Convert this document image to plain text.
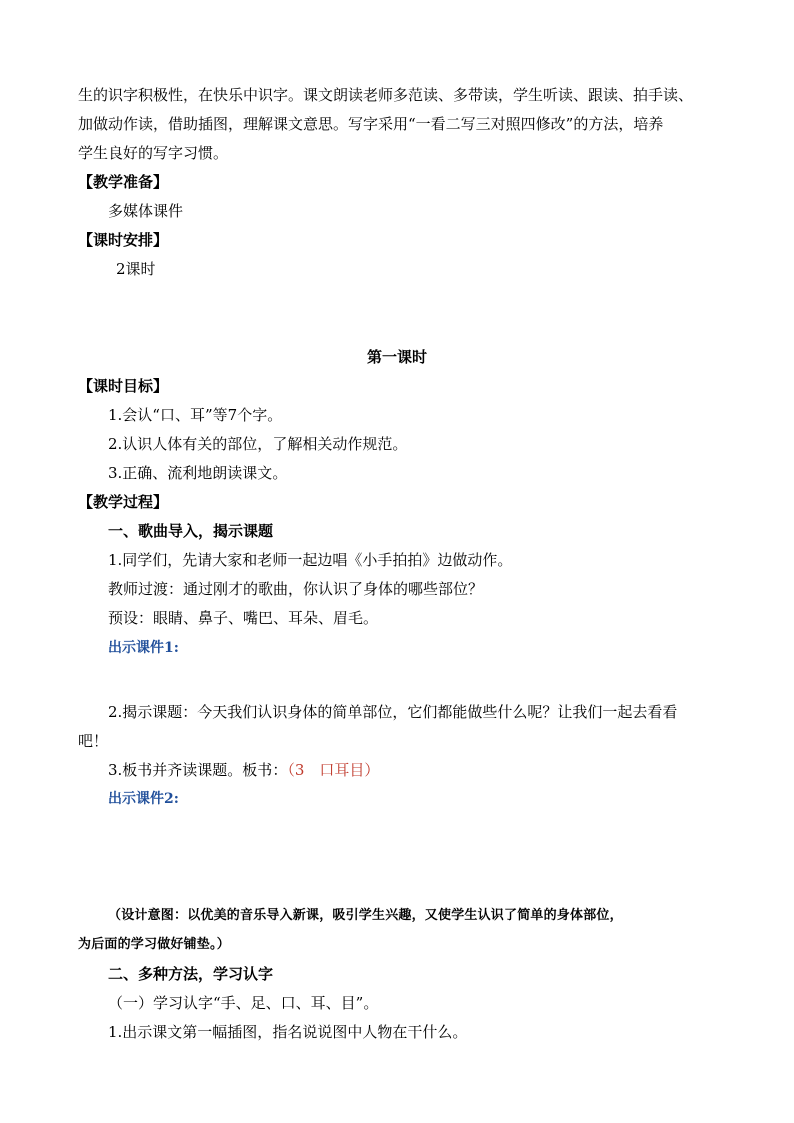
生的识字积极性，在快乐中识字。课文朗读老师多范读、多带读，学生听读、跟读、拍手读、
加做动作读，借助插图，理解课文意思。写字采用“一看二写三对照四修改”的方法，培养
学生良好的写字习惯。
【教学准备】
多媒体课件
【课时安排】
2课时
第一课时
【课时目标】
1.会认“口、耳”等7个字。
2.认识人体有关的部位，了解相关动作规范。
3.正确、流利地朗读课文。
【教学过程】
一、歌曲导入，揭示课题
1.同学们，先请大家和老师一起边唱《小手拍拍》边做动作。
教师过渡：通过刚才的歌曲，你认识了身体的哪些部位？
预设：眼睛、鼻子、嘴巴、耳朵、眉毛。
出示课件1:
2.揭示课题：今天我们认识身体的简单部位，它们都能做些什么呢？让我们一起去看看
吧！
3.板书并齐读课题。板书：（3　口耳目）
出示课件2:
（设计意图：以优美的音乐导入新课，吸引学生兴趣，又使学生认识了简单的身体部位，
为后面的学习做好铺垫。）
二、多种方法，学习认字
（一）学习认字“手、足、口、耳、目”。
1.出示课文第一幅插图，指名说说图中人物在干什么。
